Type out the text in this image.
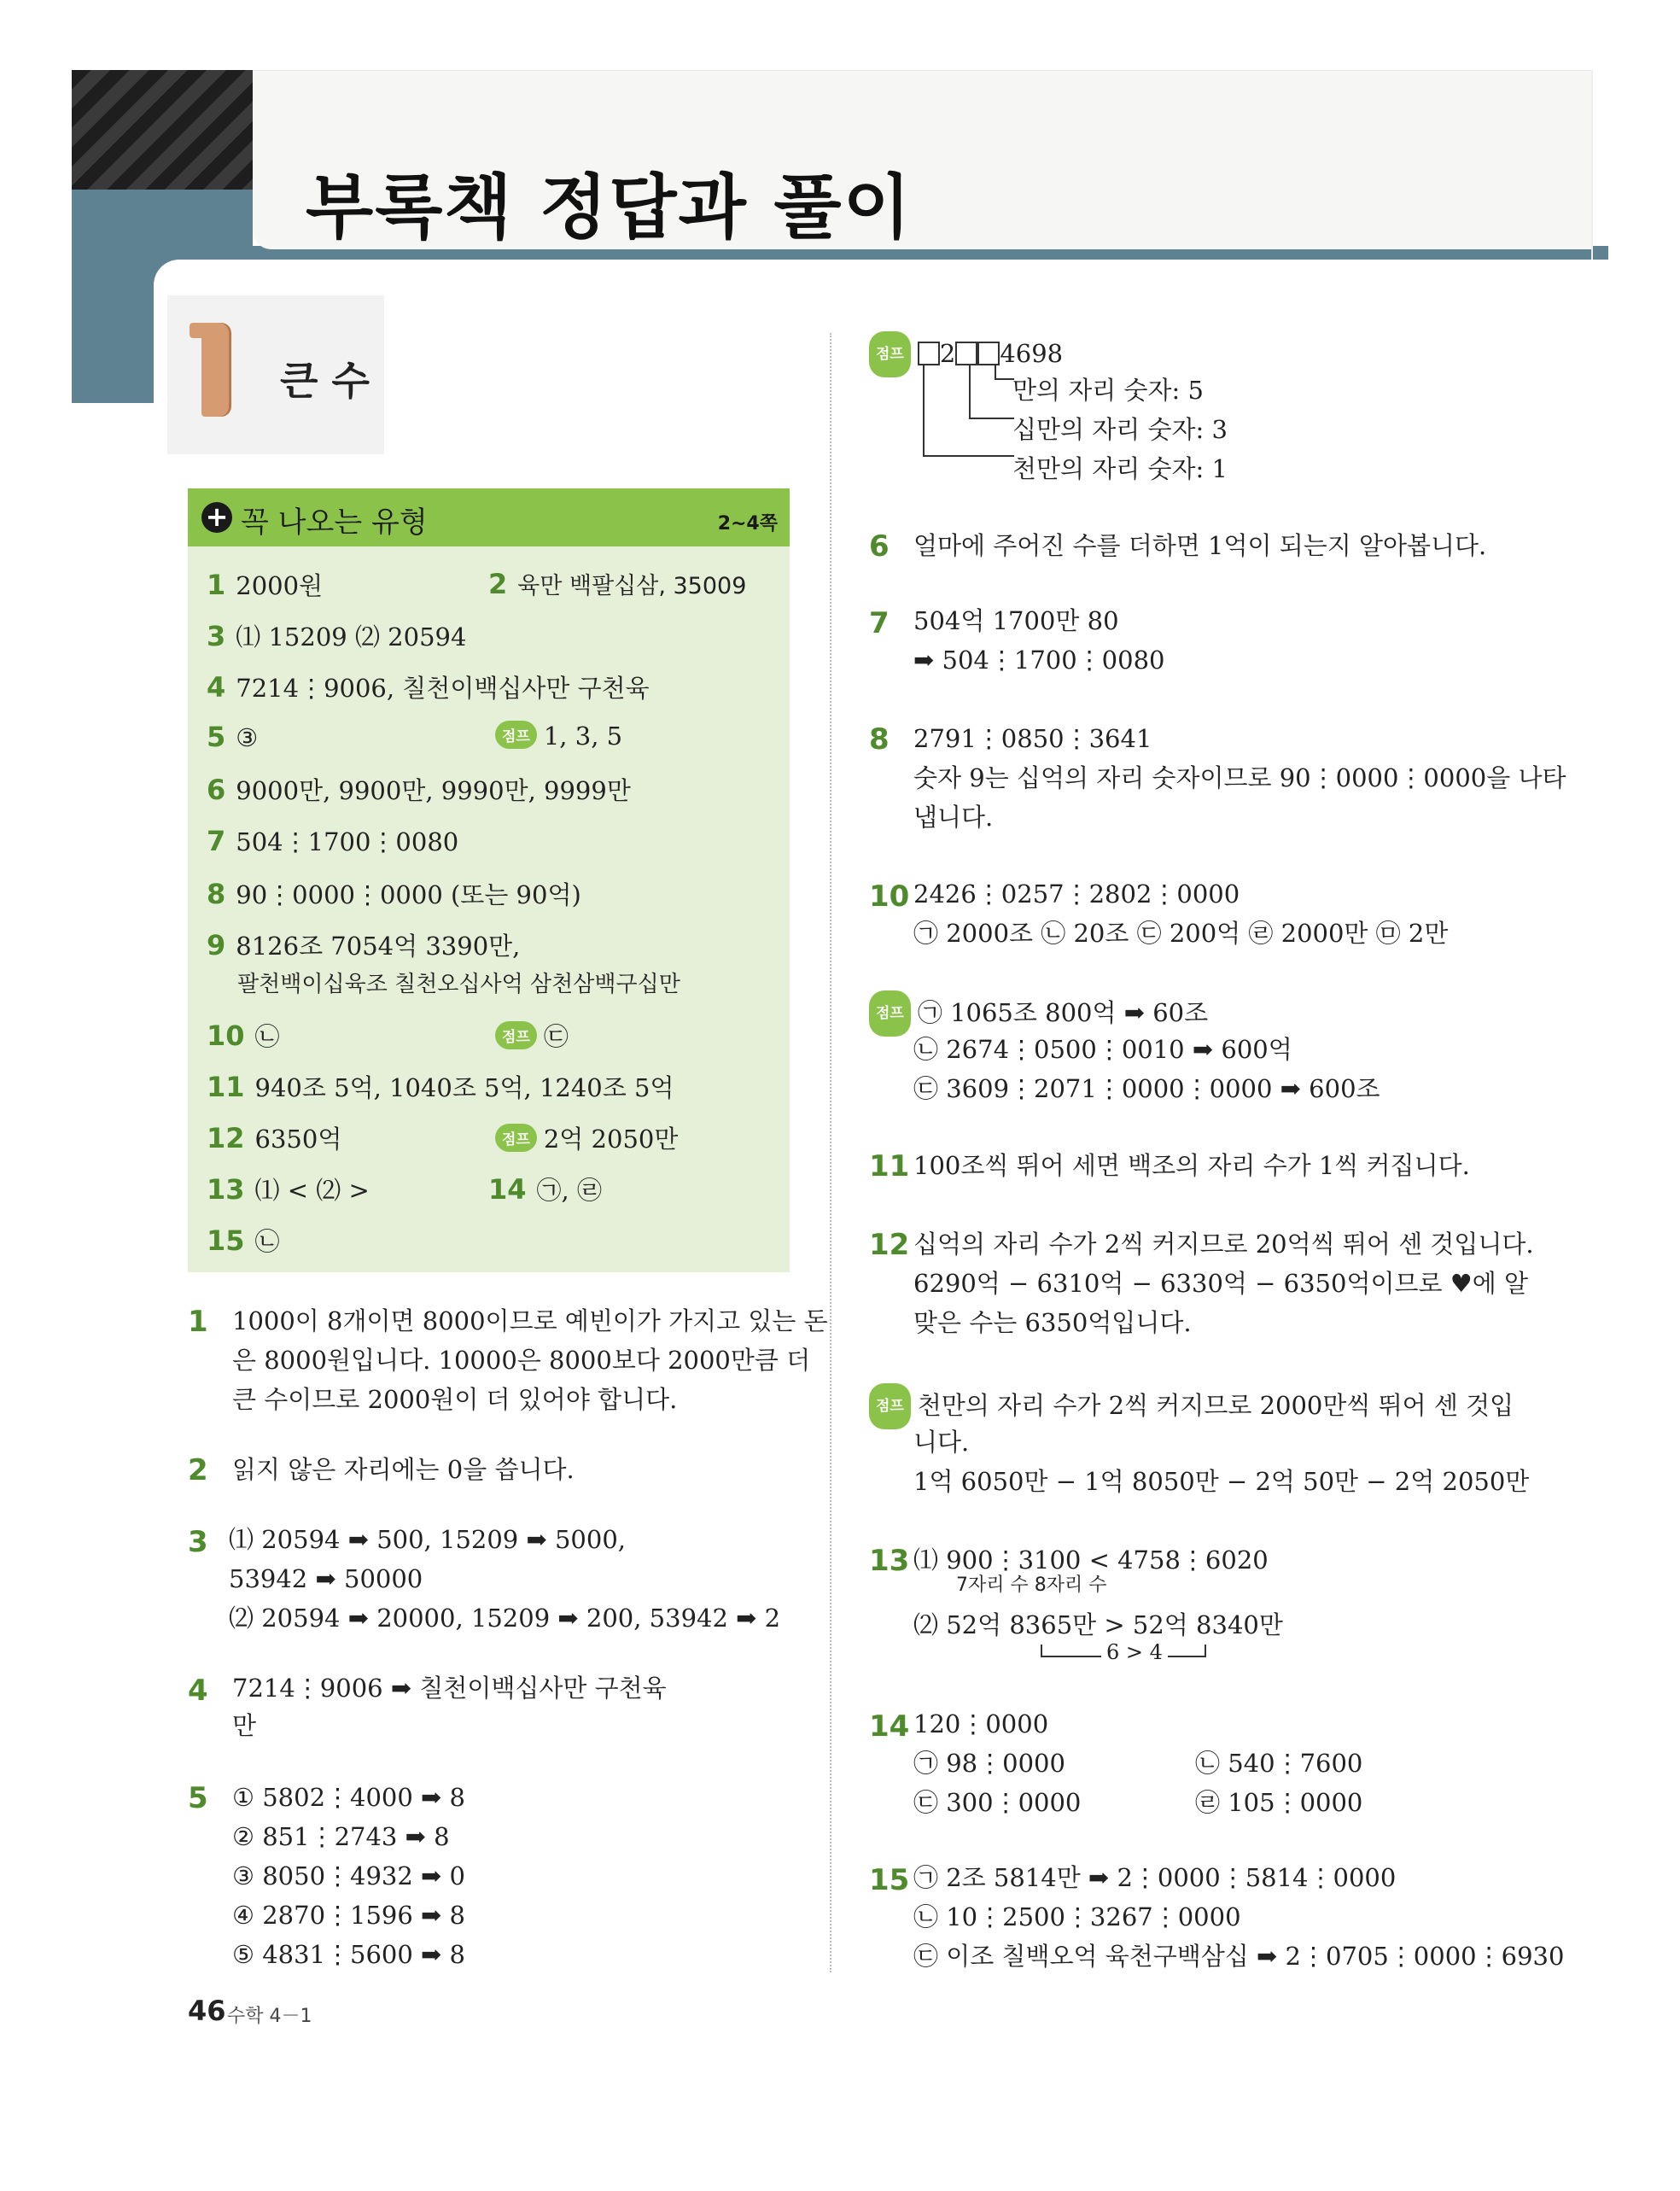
부록책 정답과 풀이
큰 수
+ 꼭 나오는 유형	2~4쪽
1 2000원	2 육만 백팔십삼, 35009
3 ⑴ 15209 ⑵ 20594
4 7214⋮9006, 칠천이백십사만 구천육
5 ③	점프 1, 3, 5
6 9000만, 9900만, 9990만, 9999만
7 504⋮1700⋮0080
8 90⋮0000⋮0000 (또는 90억)
9 8126조 7054억 3390만,
팔천백이십육조 칠천오십사억 삼천삼백구십만
10 ㉡	점프 ㉢
11 940조 5억, 1040조 5억, 1240조 5억
12 6350억	점프 2억 2050만
13 ⑴ < ⑵ >	14 ㉠, ㉣
15 ㉡
1 1000이 8개이면 8000이므로 예빈이가 가지고 있는 돈
은 8000원입니다. 10000은 8000보다 2000만큼 더
큰 수이므로 2000원이 더 있어야 합니다.
2 읽지 않은 자리에는 0을 씁니다.
3 ⑴ 20594 ➡ 500, 15209 ➡ 5000,
53942 ➡ 50000
⑵ 20594 ➡ 20000, 15209 ➡ 200, 53942 ➡ 2
4 7214⋮9006 ➡ 칠천이백십사만 구천육
만
5 ① 5802⋮4000 ➡ 8
② 851⋮2743 ➡ 8
③ 8050⋮4932 ➡ 0
④ 2870⋮1596 ➡ 8
⑤ 4831⋮5600 ➡ 8
점프 2 4698
만의 자리 숫자: 5
십만의 자리 숫자: 3
천만의 자리 숫자: 1
6 얼마에 주어진 수를 더하면 1억이 되는지 알아봅니다.
7 504억 1700만 80
➡ 504⋮1700⋮0080
8 2791⋮0850⋮3641
숫자 9는 십억의 자리 숫자이므로 90⋮0000⋮0000을 나타
냅니다.
10 2426⋮0257⋮2802⋮0000
㉠ 2000조 ㉡ 20조 ㉢ 200억 ㉣ 2000만 ㉤ 2만
점프 ㉠ 1065조 800억 ➡ 60조
㉡ 2674⋮0500⋮0010 ➡ 600억
㉢ 3609⋮2071⋮0000⋮0000 ➡ 600조
11 100조씩 뛰어 세면 백조의 자리 수가 1씩 커집니다.
12 십억의 자리 수가 2씩 커지므로 20억씩 뛰어 센 것입니다.
6290억 − 6310억 − 6330억 − 6350억이므로 ♥에 알
맞은 수는 6350억입니다.
점프 천만의 자리 수가 2씩 커지므로 2000만씩 뛰어 센 것입
니다.
1억 6050만 − 1억 8050만 − 2억 50만 − 2억 2050만
13 ⑴ 900⋮3100 < 4758⋮6020
7자리 수 8자리 수
⑵ 52억 8365만 > 52억 8340만
6 > 4
14 120⋮0000
㉠ 98⋮0000	㉡ 540⋮7600
㉢ 300⋮0000	㉣ 105⋮0000
15 ㉠ 2조 5814만 ➡ 2⋮0000⋮5814⋮0000
㉡ 10⋮2500⋮3267⋮0000
㉢ 이조 칠백오억 육천구백삼십 ➡ 2⋮0705⋮0000⋮6930
46 수학 4－1
